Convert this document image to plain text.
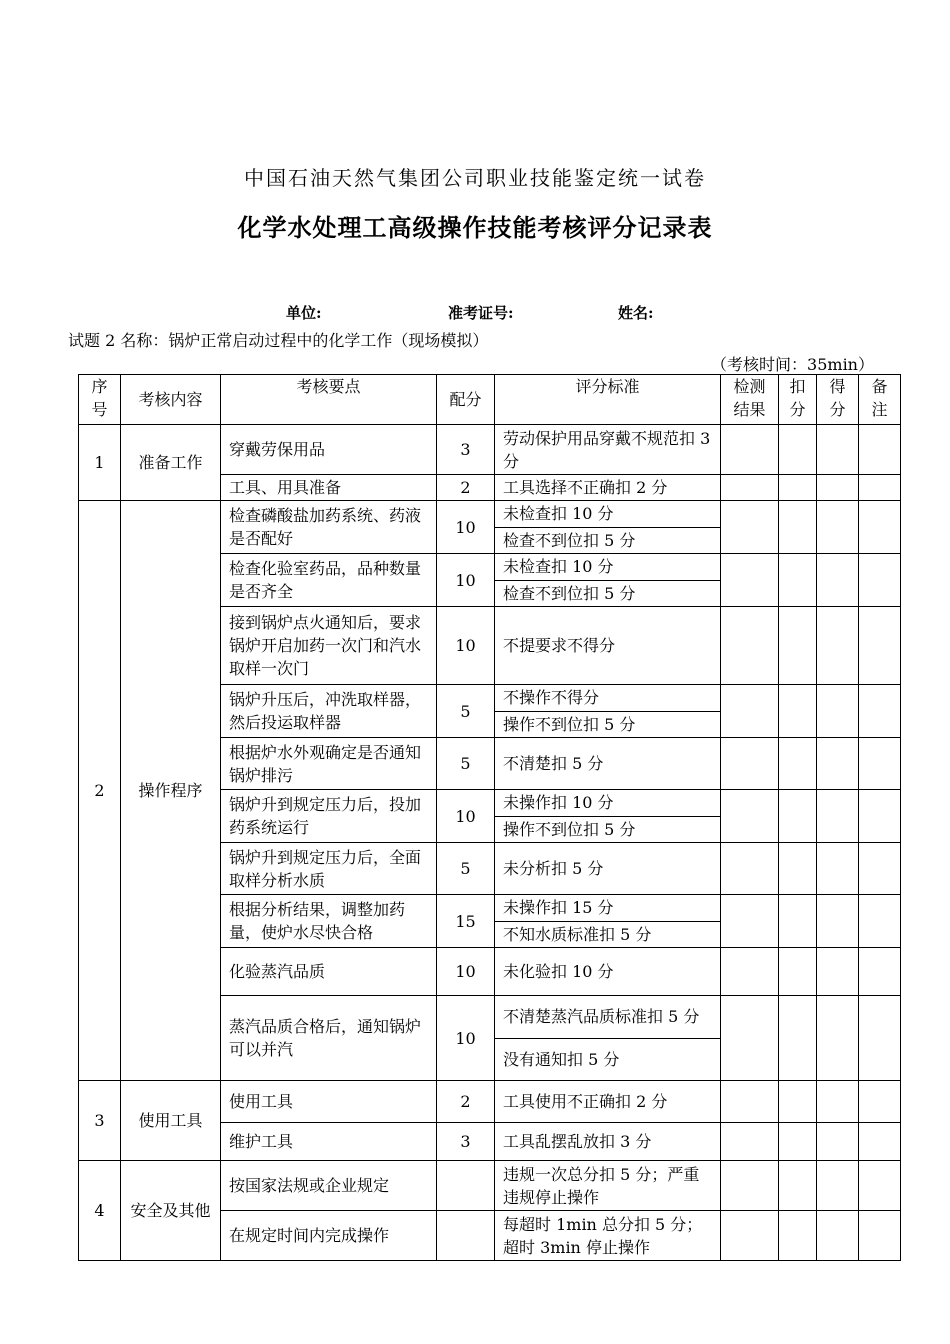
中国石油天然气集团公司职业技能鉴定统一试卷
化学水处理工高级操作技能考核评分记录表
单位:	准考证号:	姓名:
试题 2 名称：锅炉正常启动过程中的化学工作（现场模拟）
（考核时间：35min）
序号	考核内容	考核要点	配分	评分标准	检测结果	扣分	得分	备注
1	准备工作	穿戴劳保用品	3	劳动保护用品穿戴不规范扣 3 分				
工具、用具准备	2	工具选择不正确扣 2 分				
2	操作程序	检查磷酸盐加药系统、药液是否配好	10	
未检查扣 10 分
检查不到位扣 5 分

检查化验室药品，品种数量是否齐全	10	
未检查扣 10 分
检查不到位扣 5 分

接到锅炉点火通知后，要求锅炉开启加药一次门和汽水取样一次门	10	不提要求不得分				
锅炉升压后，冲洗取样器，然后投运取样器	5	
不操作不得分
操作不到位扣 5 分

根据炉水外观确定是否通知锅炉排污	5	不清楚扣 5 分				
锅炉升到规定压力后，投加药系统运行	10	
未操作扣 10 分
操作不到位扣 5 分

锅炉升到规定压力后，全面取样分析水质	5	未分析扣 5 分				
根据分析结果，调整加药量，使炉水尽快合格	15	
未操作扣 15 分
不知水质标准扣 5 分

化验蒸汽品质	10	未化验扣 10 分				
蒸汽品质合格后，通知锅炉可以并汽	10	
不清楚蒸汽品质标准扣 5 分
没有通知扣 5 分

3	使用工具	使用工具	2	工具使用不正确扣 2 分				
维护工具	3	工具乱摆乱放扣 3 分				
4	安全及其他	按国家法规或企业规定		违规一次总分扣 5 分；严重违规停止操作				
在规定时间内完成操作		每超时 1min 总分扣 5 分；超时 3min 停止操作				
